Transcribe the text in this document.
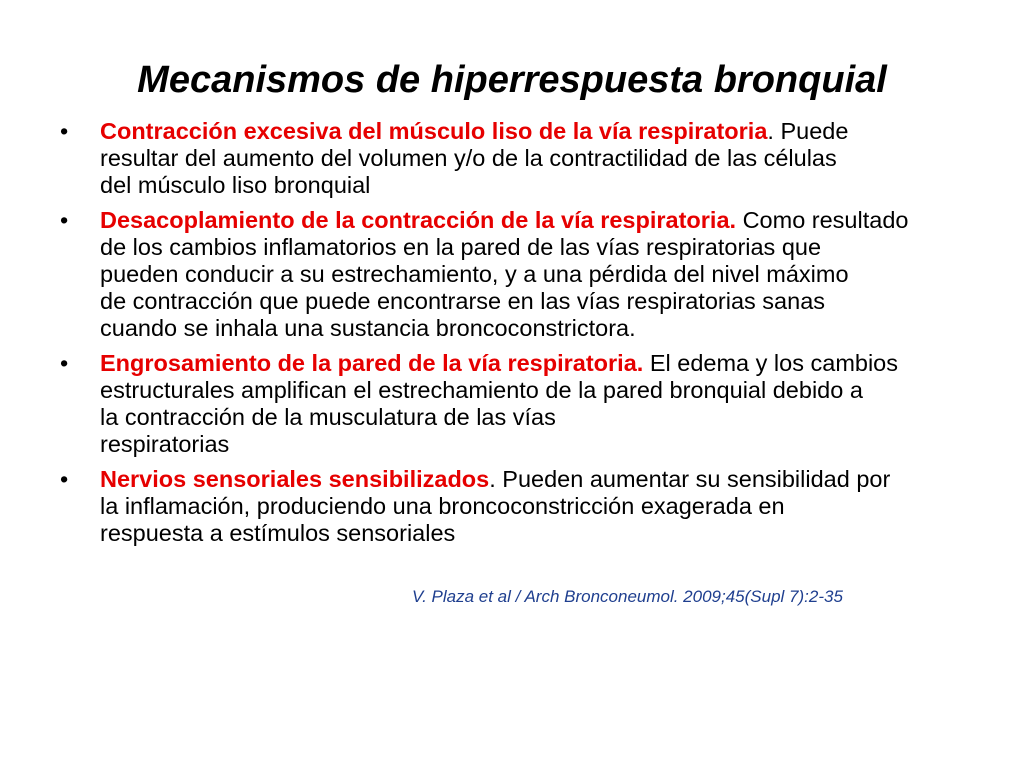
Mecanismos de hiperrespuesta bronquial
• Contracción excesiva del músculo liso de la vía respiratoria. Puede
resultar del aumento del volumen y/o de la contractilidad de las células
del músculo liso bronquial
• Desacoplamiento de la contracción de la vía respiratoria. Como resultado
de los cambios inflamatorios en la pared de las vías respiratorias que
pueden conducir a su estrechamiento, y a una pérdida del nivel máximo
de contracción que puede encontrarse en las vías respiratorias sanas
cuando se inhala una sustancia broncoconstrictora.
• Engrosamiento de la pared de la vía respiratoria. El edema y los cambios
estructurales amplifican el estrechamiento de la pared bronquial debido a
la contracción de la musculatura de las vías
respiratorias
• Nervios sensoriales sensibilizados. Pueden aumentar su sensibilidad por
la inflamación, produciendo una broncoconstricción exagerada en
respuesta a estímulos sensoriales
V. Plaza et al / Arch Bronconeumol. 2009;45(Supl 7):2-35
